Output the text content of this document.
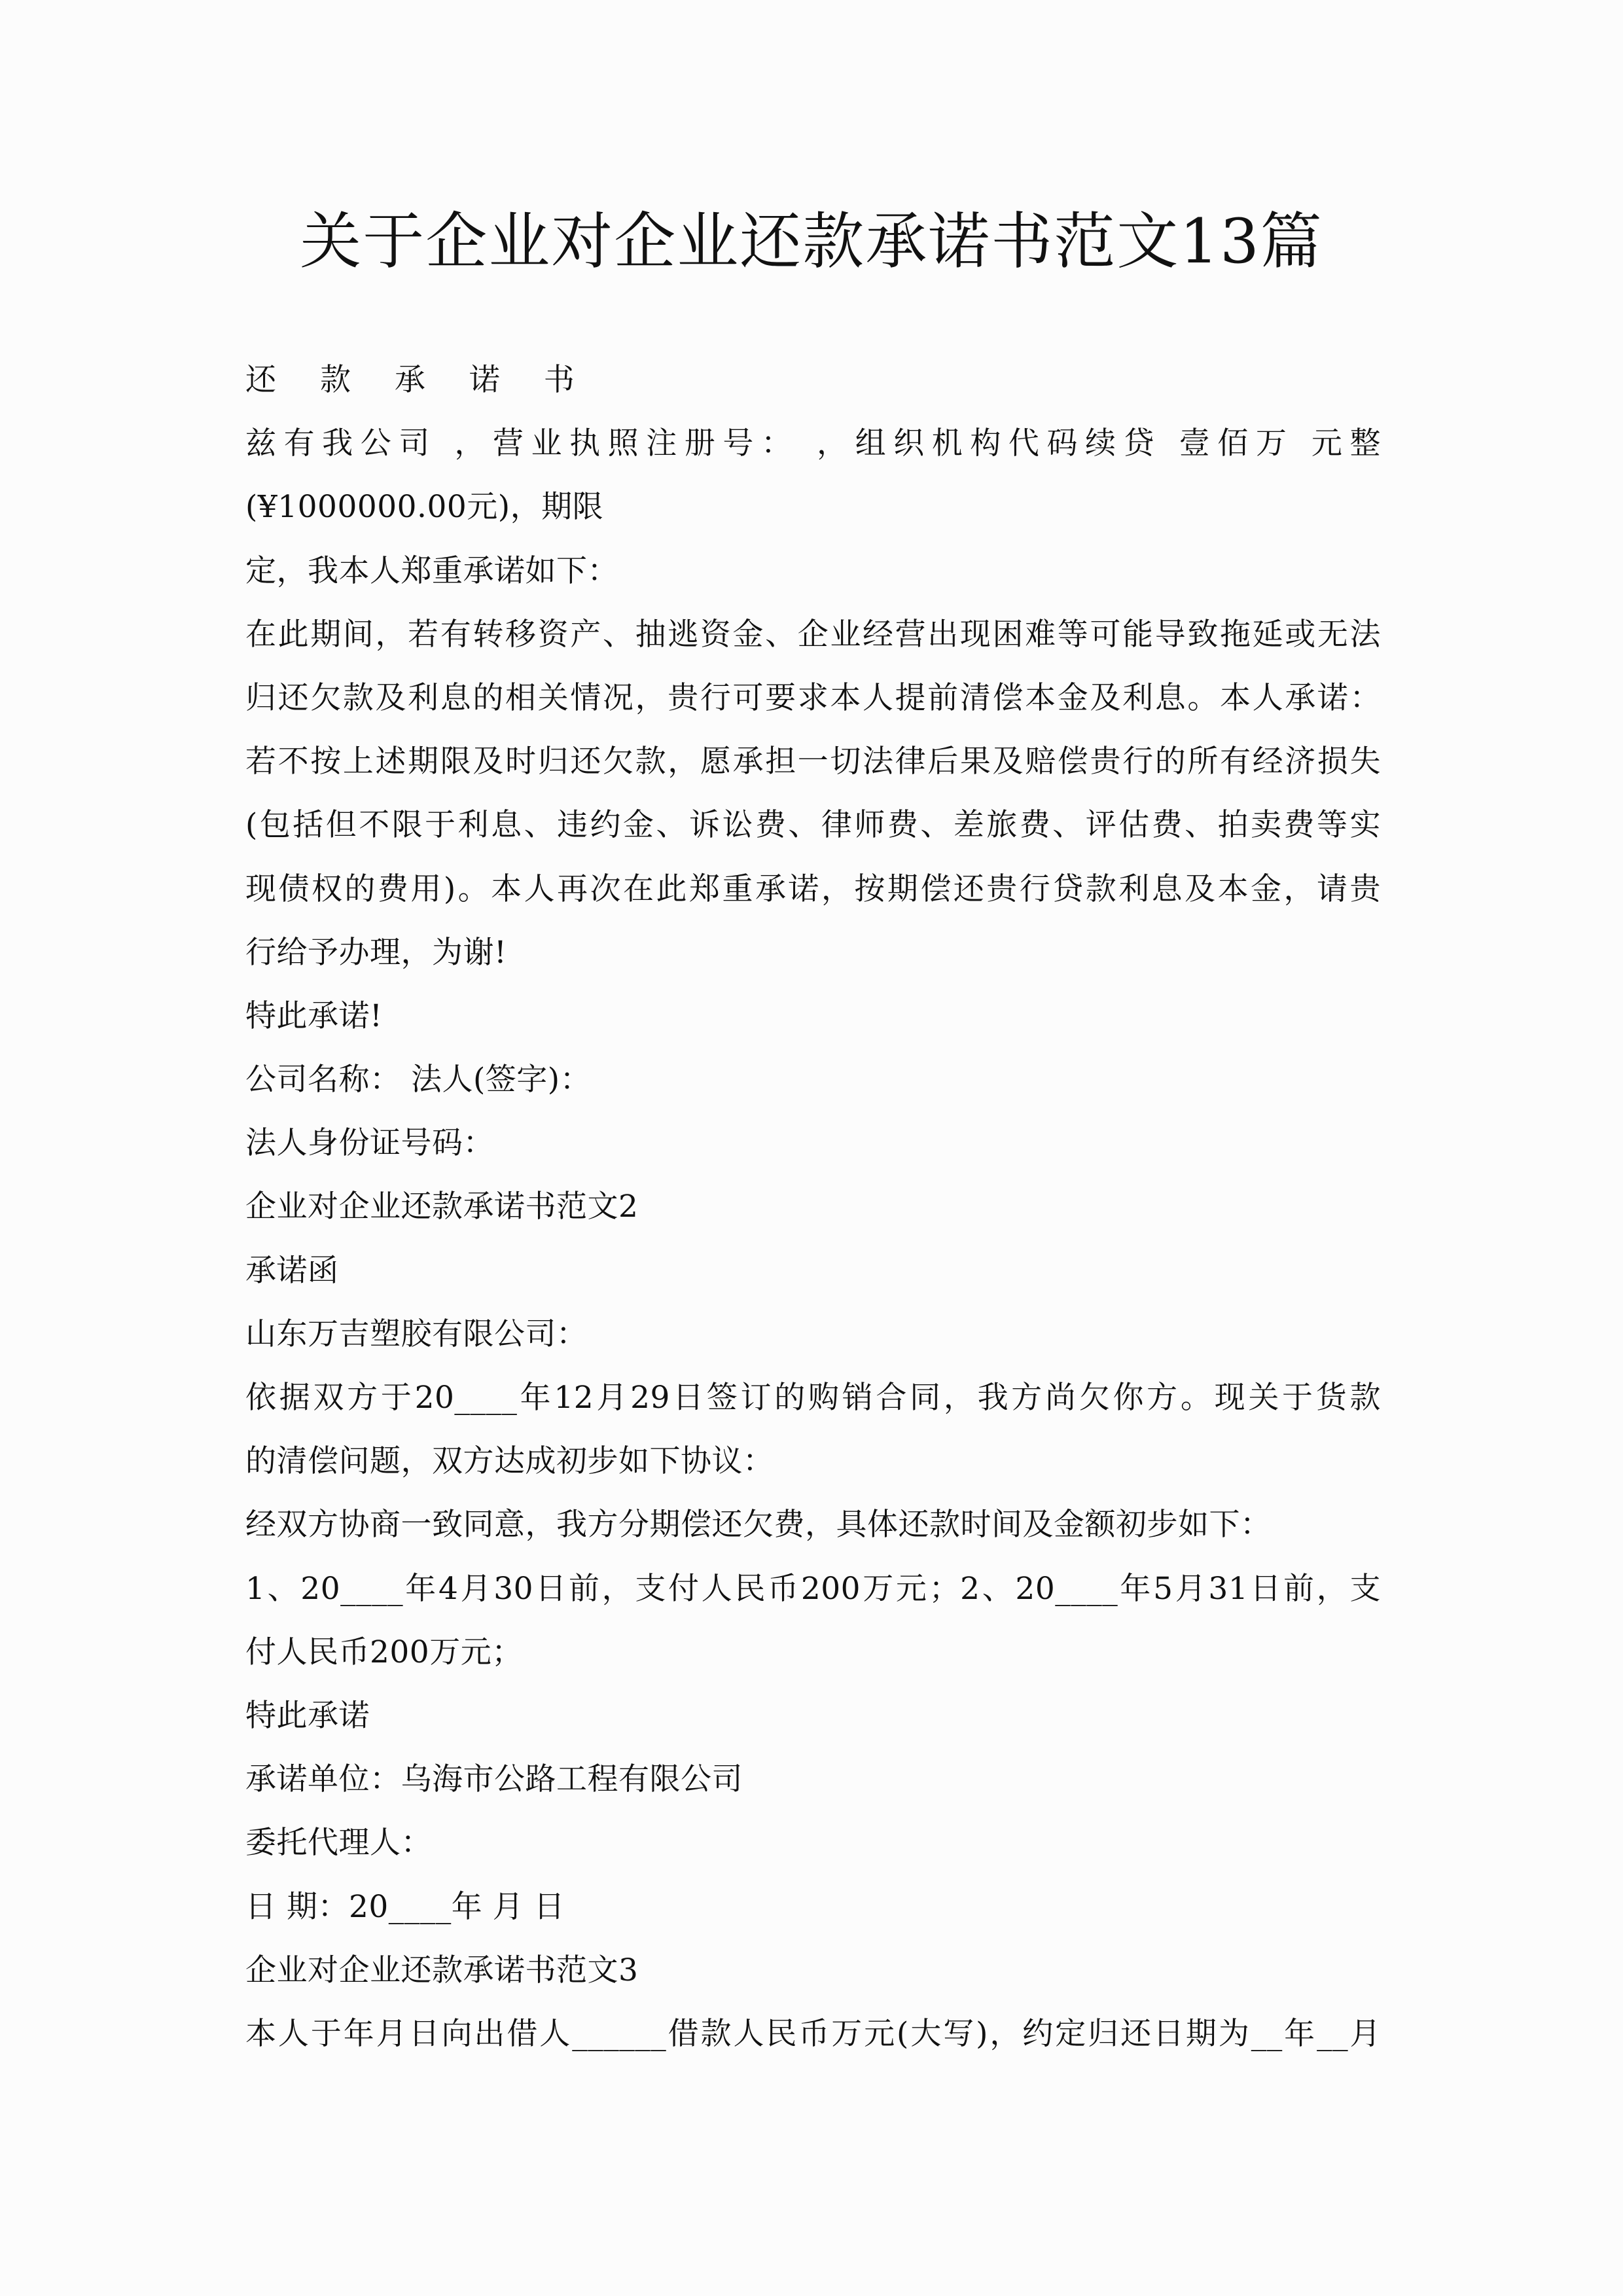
关于企业对企业还款承诺书范文13篇
还 款 承 诺 书
兹有我公司 ，营业执照注册号： ，组织机构代码续贷 壹佰万 元整
(¥1000000.00元)，期限
定，我本人郑重承诺如下：
在此期间，若有转移资产、抽逃资金、企业经营出现困难等可能导致拖延或无法
归还欠款及利息的相关情况，贵行可要求本人提前清偿本金及利息。本人承诺：
若不按上述期限及时归还欠款，愿承担一切法律后果及赔偿贵行的所有经济损失
(包括但不限于利息、违约金、诉讼费、律师费、差旅费、评估费、拍卖费等实
现债权的费用)。本人再次在此郑重承诺，按期偿还贵行贷款利息及本金，请贵
行给予办理，为谢!
特此承诺!
公司名称： 法人(签字)：
法人身份证号码：
企业对企业还款承诺书范文2
承诺函
山东万吉塑胶有限公司：
依据双方于20____年12月29日签订的购销合同，我方尚欠你方。现关于货款
的清偿问题，双方达成初步如下协议：
经双方协商一致同意，我方分期偿还欠费，具体还款时间及金额初步如下：
1、20____年4月30日前，支付人民币200万元；2、20____年5月31日前，支
付人民币200万元；
特此承诺
承诺单位：乌海市公路工程有限公司
委托代理人：
日 期：20____年 月 日
企业对企业还款承诺书范文3
本人于年月日向出借人______借款人民币万元(大写)，约定归还日期为__年__月
